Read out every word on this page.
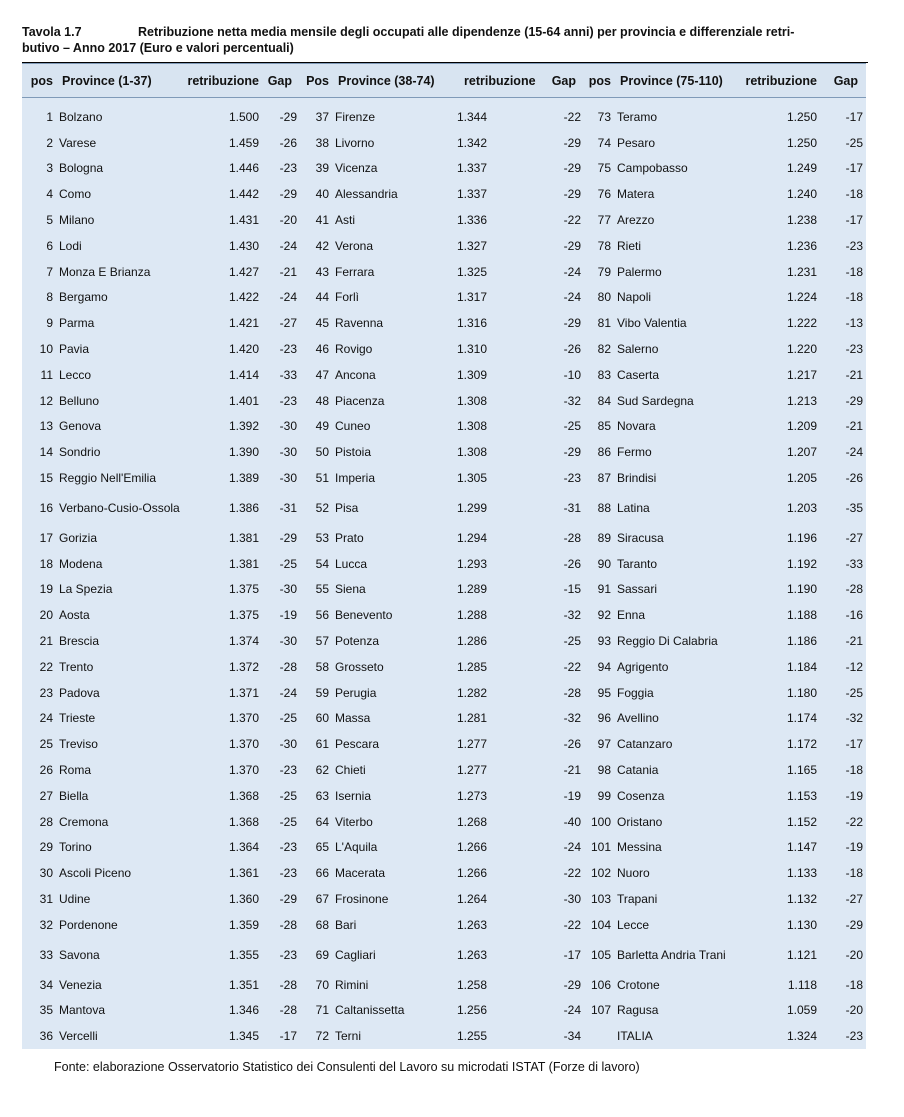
Tavola 1.7	Retribuzione netta media mensile degli occupati alle dipendenze (15-64 anni) per provincia e differenziale retri-
butivo – Anno 2017 (Euro e valori percentuali)
pos	Province (1-37)	retribuzione	Gap	Pos	Province (38-74)	retribuzione	Gap	pos	Province (75-110)	retribuzione	Gap

1	Bolzano	1.500	-29	37	Firenze	1.344	-22	73	Teramo	1.250	-17
2	Varese	1.459	-26	38	Livorno	1.342	-29	74	Pesaro	1.250	-25
3	Bologna	1.446	-23	39	Vicenza	1.337	-29	75	Campobasso	1.249	-17
4	Como	1.442	-29	40	Alessandria	1.337	-29	76	Matera	1.240	-18
5	Milano	1.431	-20	41	Asti	1.336	-22	77	Arezzo	1.238	-17
6	Lodi	1.430	-24	42	Verona	1.327	-29	78	Rieti	1.236	-23
7	Monza E Brianza	1.427	-21	43	Ferrara	1.325	-24	79	Palermo	1.231	-18
8	Bergamo	1.422	-24	44	Forlì	1.317	-24	80	Napoli	1.224	-18
9	Parma	1.421	-27	45	Ravenna	1.316	-29	81	Vibo Valentia	1.222	-13
10	Pavia	1.420	-23	46	Rovigo	1.310	-26	82	Salerno	1.220	-23
11	Lecco	1.414	-33	47	Ancona	1.309	-10	83	Caserta	1.217	-21
12	Belluno	1.401	-23	48	Piacenza	1.308	-32	84	Sud Sardegna	1.213	-29
13	Genova	1.392	-30	49	Cuneo	1.308	-25	85	Novara	1.209	-21
14	Sondrio	1.390	-30	50	Pistoia	1.308	-29	86	Fermo	1.207	-24
15	Reggio Nell'Emilia	1.389	-30	51	Imperia	1.305	-23	87	Brindisi	1.205	-26
16	Verbano-Cusio-Ossola	1.386	-31	52	Pisa	1.299	-31	88	Latina	1.203	-35
17	Gorizia	1.381	-29	53	Prato	1.294	-28	89	Siracusa	1.196	-27
18	Modena	1.381	-25	54	Lucca	1.293	-26	90	Taranto	1.192	-33
19	La Spezia	1.375	-30	55	Siena	1.289	-15	91	Sassari	1.190	-28
20	Aosta	1.375	-19	56	Benevento	1.288	-32	92	Enna	1.188	-16
21	Brescia	1.374	-30	57	Potenza	1.286	-25	93	Reggio Di Calabria	1.186	-21
22	Trento	1.372	-28	58	Grosseto	1.285	-22	94	Agrigento	1.184	-12
23	Padova	1.371	-24	59	Perugia	1.282	-28	95	Foggia	1.180	-25
24	Trieste	1.370	-25	60	Massa	1.281	-32	96	Avellino	1.174	-32
25	Treviso	1.370	-30	61	Pescara	1.277	-26	97	Catanzaro	1.172	-17
26	Roma	1.370	-23	62	Chieti	1.277	-21	98	Catania	1.165	-18
27	Biella	1.368	-25	63	Isernia	1.273	-19	99	Cosenza	1.153	-19
28	Cremona	1.368	-25	64	Viterbo	1.268	-40	100	Oristano	1.152	-22
29	Torino	1.364	-23	65	L'Aquila	1.266	-24	101	Messina	1.147	-19
30	Ascoli Piceno	1.361	-23	66	Macerata	1.266	-22	102	Nuoro	1.133	-18
31	Udine	1.360	-29	67	Frosinone	1.264	-30	103	Trapani	1.132	-27
32	Pordenone	1.359	-28	68	Bari	1.263	-22	104	Lecce	1.130	-29
33	Savona	1.355	-23	69	Cagliari	1.263	-17	105	Barletta Andria Trani	1.121	-20
34	Venezia	1.351	-28	70	Rimini	1.258	-29	106	Crotone	1.118	-18
35	Mantova	1.346	-28	71	Caltanissetta	1.256	-24	107	Ragusa	1.059	-20
36	Vercelli	1.345	-17	72	Terni	1.255	-34		ITALIA	1.324	-23
Fonte: elaborazione Osservatorio Statistico dei Consulenti del Lavoro su microdati ISTAT (Forze di lavoro)
